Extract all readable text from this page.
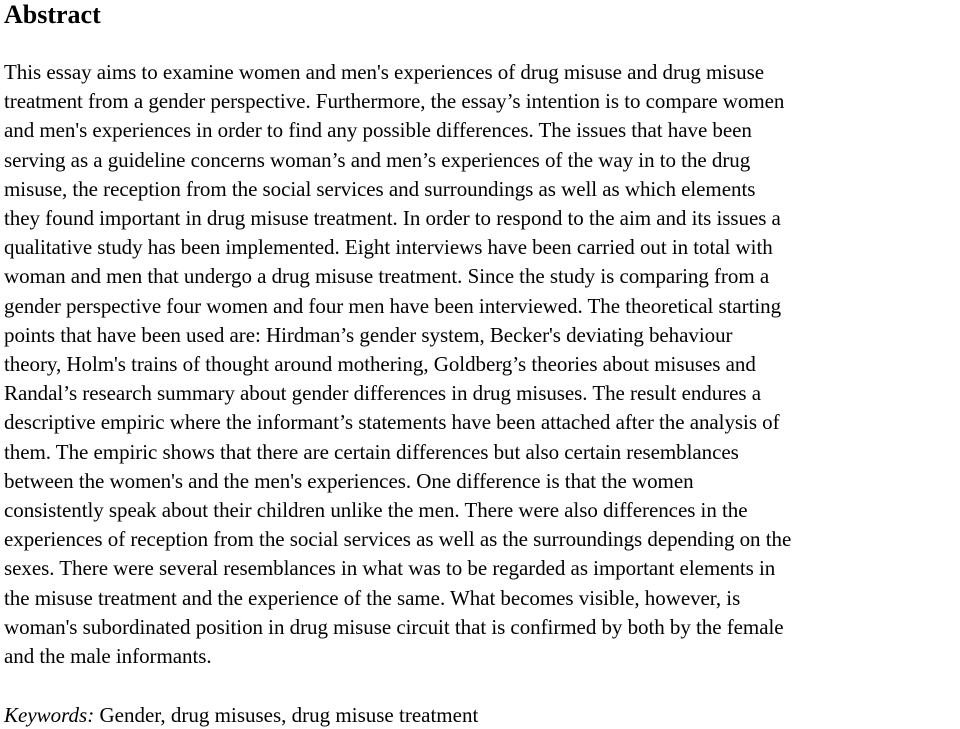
Abstract
This essay aims to examine women and men's experiences of drug misuse and drug misuse
treatment from a gender perspective. Furthermore, the essay’s intention is to compare women
and men's experiences in order to find any possible differences. The issues that have been
serving as a guideline concerns woman’s and men’s experiences of the way in to the drug
misuse, the reception from the social services and surroundings as well as which elements
they found important in drug misuse treatment. In order to respond to the aim and its issues a
qualitative study has been implemented. Eight interviews have been carried out in total with
woman and men that undergo a drug misuse treatment. Since the study is comparing from a
gender perspective four women and four men have been interviewed. The theoretical starting
points that have been used are: Hirdman’s gender system, Becker's deviating behaviour
theory, Holm's trains of thought around mothering, Goldberg’s theories about misuses and
Randal’s research summary about gender differences in drug misuses. The result endures a
descriptive empiric where the informant’s statements have been attached after the analysis of
them. The empiric shows that there are certain differences but also certain resemblances
between the women's and the men's experiences. One difference is that the women
consistently speak about their children unlike the men. There were also differences in the
experiences of reception from the social services as well as the surroundings depending on the
sexes. There were several resemblances in what was to be regarded as important elements in
the misuse treatment and the experience of the same. What becomes visible, however, is
woman's subordinated position in drug misuse circuit that is confirmed by both by the female
and the male informants.

Keywords: Gender, drug misuses, drug misuse treatment
